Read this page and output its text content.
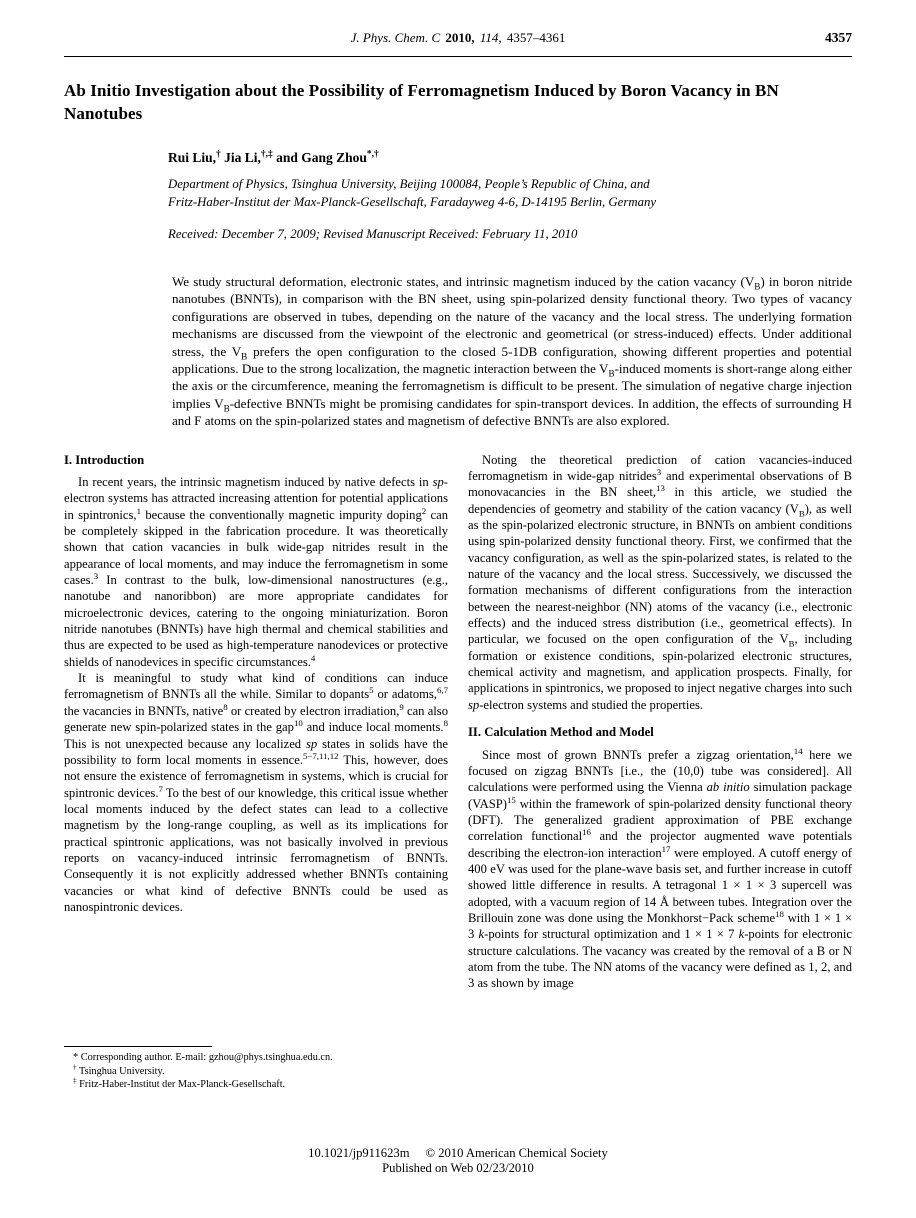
J. Phys. Chem. C 2010, 114, 4357–4361	4357
Ab Initio Investigation about the Possibility of Ferromagnetism Induced by Boron Vacancy in BN Nanotubes
Rui Liu,† Jia Li,†,‡ and Gang Zhou*,†
Department of Physics, Tsinghua University, Beijing 100084, People’s Republic of China, and
Fritz-Haber-Institut der Max-Planck-Gesellschaft, Faradayweg 4-6, D-14195 Berlin, Germany
Received: December 7, 2009; Revised Manuscript Received: February 11, 2010

We study structural deformation, electronic states, and intrinsic magnetism induced by the cation vacancy $(V_B)$ in boron nitride nanotubes (BNNTs), in comparison with the BN sheet, using spin-polarized density functional theory. Two types of vacancy configurations are observed in tubes, depending on the nature of the vacancy and the local stress. The underlying formation mechanisms are discussed from the viewpoint of the electronic and geometrical (or stress-induced) effects. Under additional stress, the $V_B$ prefers the open configuration to the closed 5-1DB configuration, showing different properties and potential applications. Due to the strong localization, the magnetic interaction between the $V_B$-induced moments is short-range along either the axis or the circumference, meaning the ferromagnetism is difficult to be present. The simulation of negative charge injection implies $V_B$-defective BNNTs might be promising candidates for spin-transport devices. In addition, the effects of surrounding H and F atoms on the spin-polarized states and magnetism of defective BNNTs are also explored.

I. Introduction

In recent years, the intrinsic magnetism induced by native defects in sp-electron systems has attracted increasing attention for potential applications in spintronics,$^1$ because the conventionally magnetic impurity doping$^2$ can be completely skipped in the fabrication procedure. It was theoretically shown that cation vacancies in bulk wide-gap nitrides result in the appearance of local moments, and may induce the ferromagnetism in some cases.$^3$ In contrast to the bulk, low-dimensional nanostructures (e.g., nanotube and nanoribbon) are more appropriate candidates for microelectronic devices, catering to the ongoing miniaturization. Boron nitride nanotubes (BNNTs) have high thermal and chemical stabilities and thus are expected to be used as high-temperature nanodevices or protective shields of nanodevices in specific circumstances.$^4$

It is meaningful to study what kind of conditions can induce ferromagnetism of BNNTs all the while. Similar to dopants$^5$ or adatoms,$^{6,7}$ the vacancies in BNNTs, native$^8$ or created by electron irradiation,$^9$ can also generate new spin-polarized states in the gap$^{10}$ and induce local moments.$^8$ This is not unexpected because any localized sp states in solids have the possibility to form local moments in essence.$^{5-7,11,12}$ This, however, does not ensure the existence of ferromagnetism in systems, which is crucial for spintronic devices.$^7$ To the best of our knowledge, this critical issue whether local moments induced by the defect states can lead to a collective magnetism by the long-range coupling, as well as its implications for practical spintronic applications, was not basically involved in previous reports on vacancy-induced intrinsic ferromagnetism of BNNTs. Consequently it is not explicitly addressed whether BNNTs containing vacancies or what kind of defective BNNTs could be used as nanospintronic devices.

* Corresponding author. E-mail: gzhou@phys.tsinghua.edu.cn.
† Tsinghua University.
‡ Fritz-Haber-Institut der Max-Planck-Gesellschaft.

Noting the theoretical prediction of cation vacancies-induced ferromagnetism in wide-gap nitrides$^3$ and experimental observations of B monovacancies in the BN sheet,$^{13}$ in this article, we studied the dependencies of geometry and stability of the cation vacancy $(V_B)$, as well as the spin-polarized electronic structure, in BNNTs on ambient conditions using spin-polarized density functional theory. First, we confirmed that the vacancy configuration, as well as the spin-polarized states, is related to the nature of the vacancy and the local stress. Successively, we discussed the formation mechanisms of different configurations from the interaction between the nearest-neighbor (NN) atoms of the vacancy (i.e., electronic effects) and the induced stress distribution (i.e., geometrical effects). In particular, we focused on the open configuration of the $V_B$, including formation or existence conditions, spin-polarized electronic structures, chemical activity and magnetism, and application prospects. Finally, for applications in spintronics, we proposed to inject negative charges into such sp-electron systems and studied the properties.

II. Calculation Method and Model

Since most of grown BNNTs prefer a zigzag orientation,$^{14}$ here we focused on zigzag BNNTs [i.e., the (10,0) tube was considered]. All calculations were performed using the Vienna ab initio simulation package (VASP)$^{15}$ within the framework of spin-polarized density functional theory (DFT). The generalized gradient approximation of PBE exchange correlation functional$^{16}$ and the projector augmented wave potentials describing the electron-ion interaction$^{17}$ were employed. A cutoff energy of 400 eV was used for the plane-wave basis set, and further increase in cutoff showed little difference in results. A tetragonal 1 × 1 × 3 supercell was adopted, with a vacuum region of 14 Å between tubes. Integration over the Brillouin zone was done using the Monkhorst−Pack scheme$^{18}$ with 1 × 1 × 3 k-points for structural optimization and 1 × 1 × 7 k-points for electronic structure calculations. The vacancy was created by the removal of a B or N atom from the tube. The NN atoms of the vacancy were defined as 1, 2, and 3 as shown by image

10.1021/jp911623m © 2010 American Chemical Society
Published on Web 02/23/2010
